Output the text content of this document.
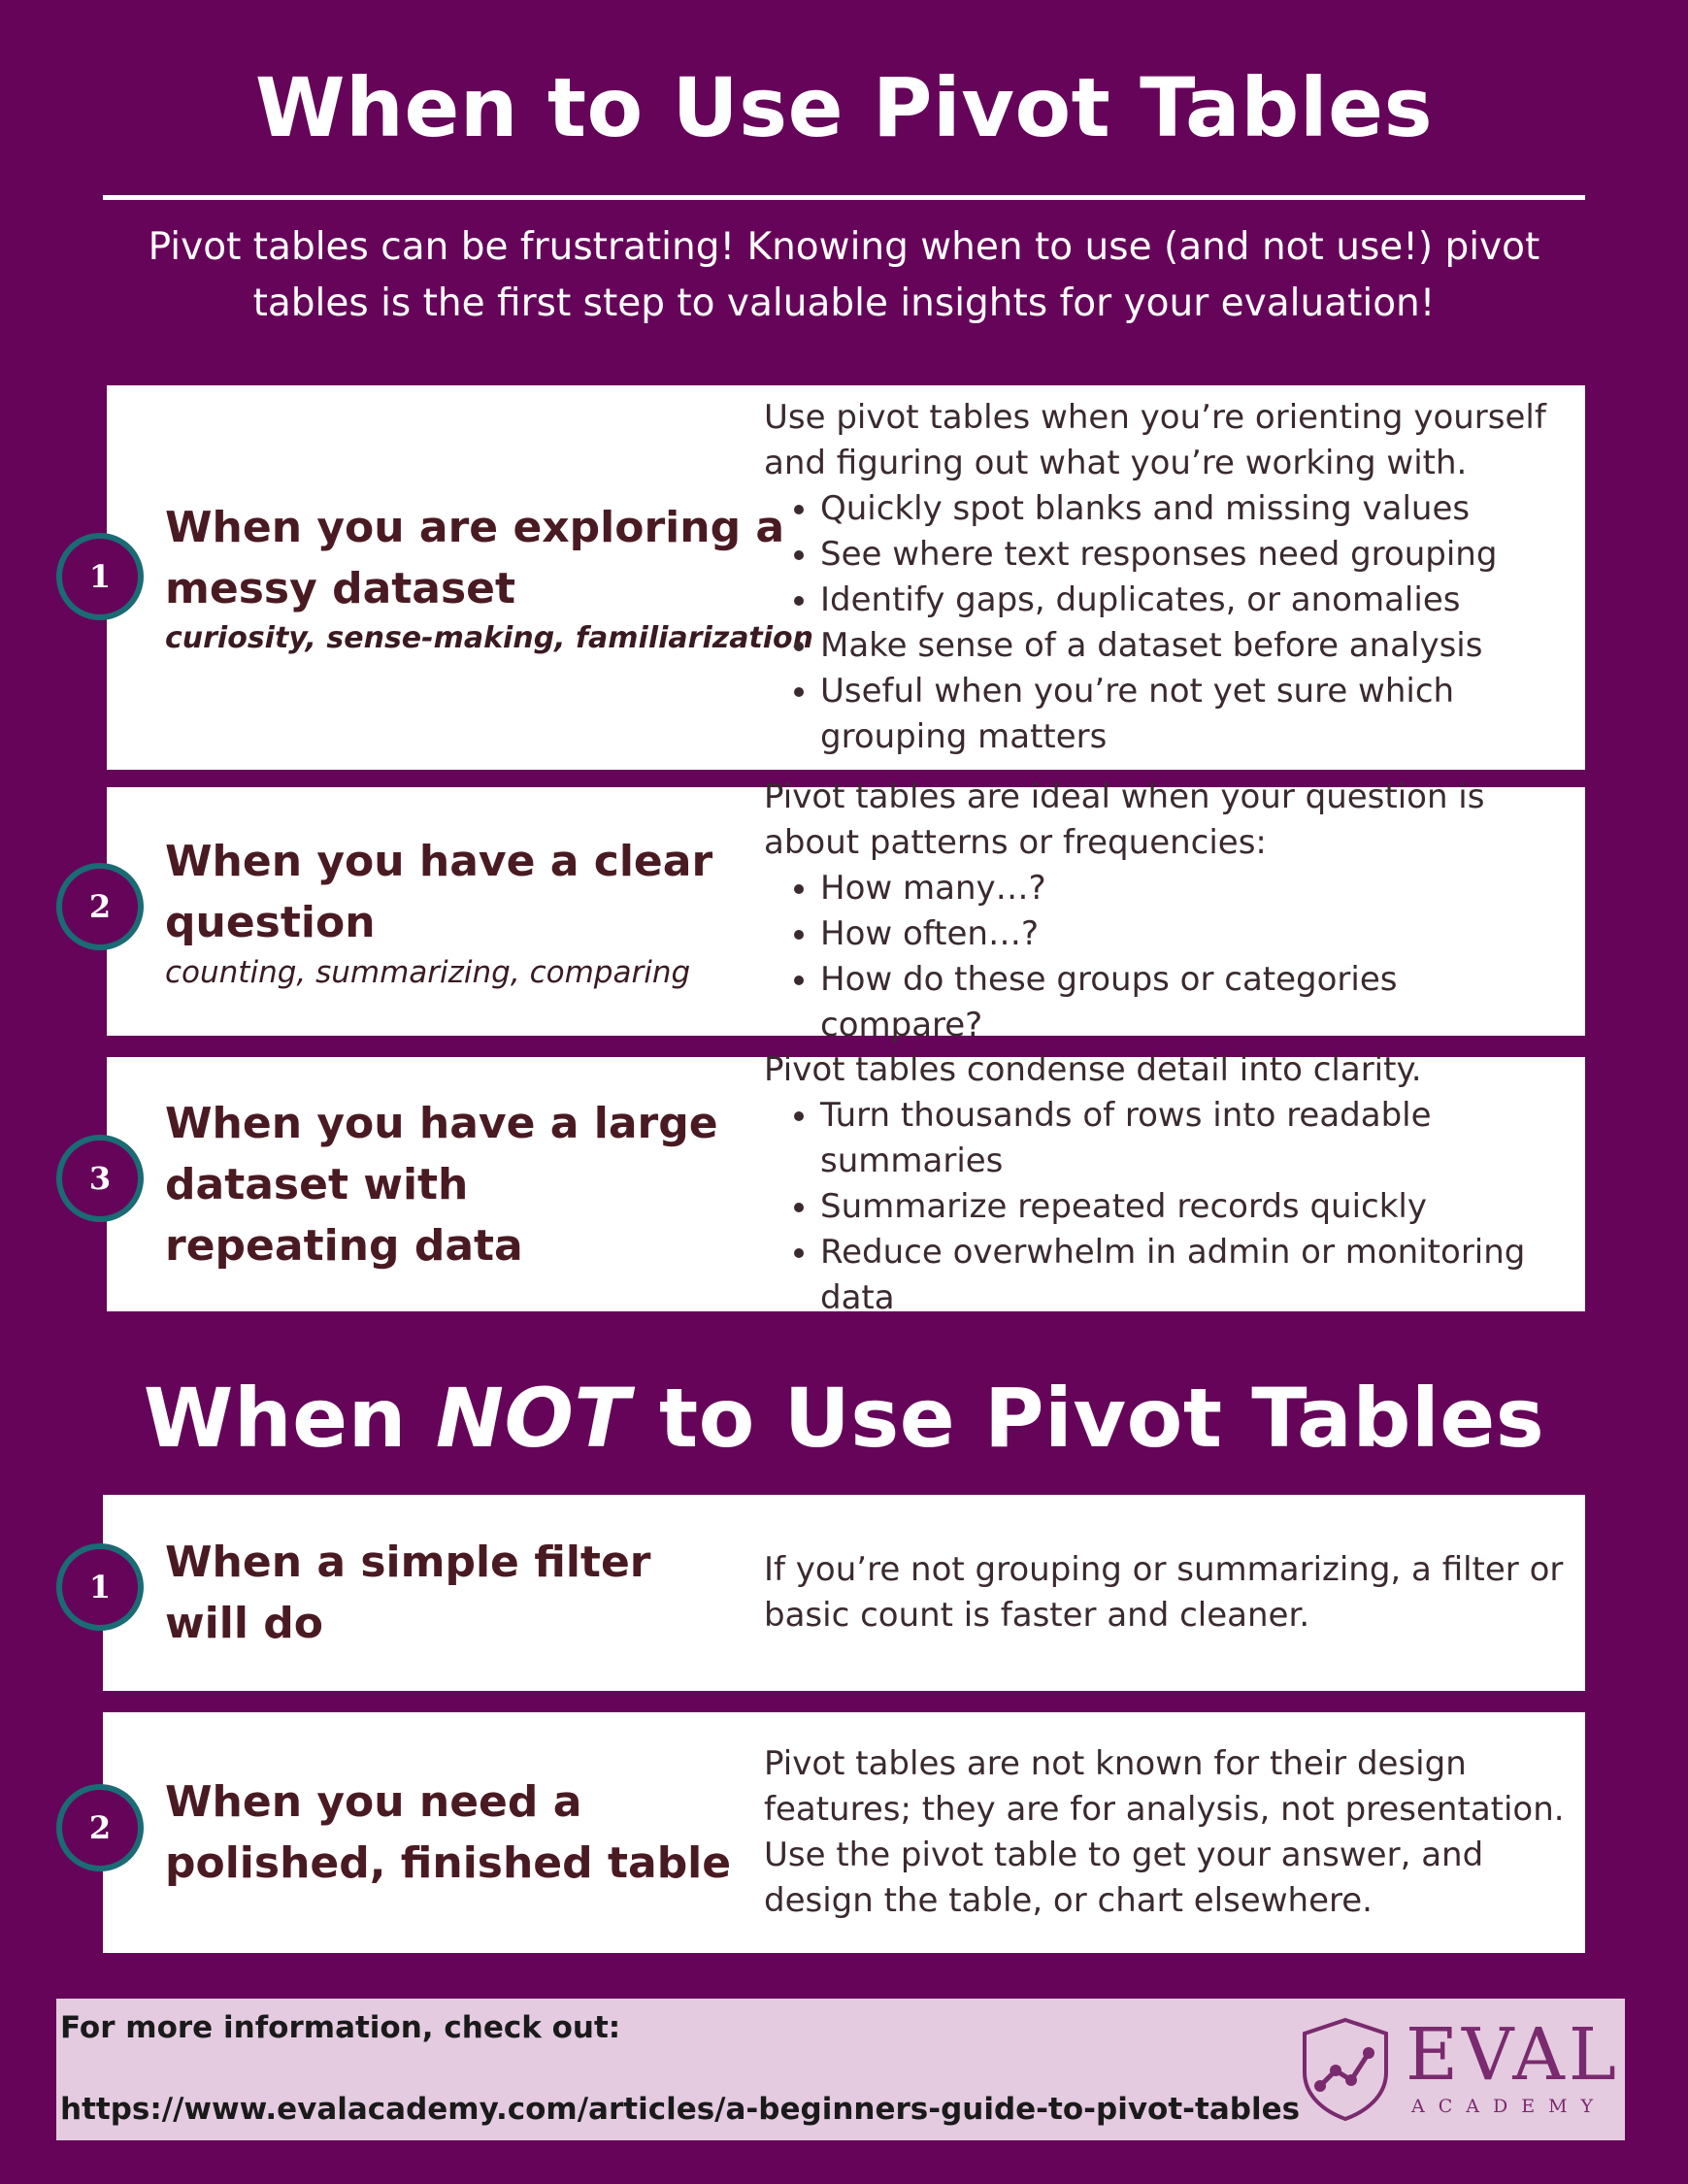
When to Use Pivot Tables
Pivot tables can be frustrating! Knowing when to use (and not use!) pivot
tables is the first step to valuable insights for your evaluation!
When you are exploring a
messy dataset
curiosity, sense-making, familiarization

Use pivot tables when you’re orienting yourself and figuring out what you’re working with.

• Quickly spot blanks and missing values
• See where text responses need grouping
• Identify gaps, duplicates, or anomalies
• Make sense of a dataset before analysis
• Useful when you’re not yet sure which grouping matters
1
When you have a clear
question
counting, summarizing, comparing

Pivot tables are ideal when your question is about patterns or frequencies:

• How many…?
• How often…?
• How do these groups or categories compare?
2
When you have a large
dataset with
repeating data

Pivot tables condense detail into clarity.

• Turn thousands of rows into readable summaries
• Summarize repeated records quickly
• Reduce overwhelm in admin or monitoring data
3
When NOT to Use Pivot Tables
When a simple filter
will do

If you’re not grouping or summarizing, a filter or basic count is faster and cleaner.

1
When you need a
polished, finished table

Pivot tables are not known for their design features; they are for analysis, not presentation. Use the pivot table to get your answer, and design the table, or chart elsewhere.

2
For more information, check out:
https://www.evalacademy.com/articles/a-beginners-guide-to-pivot-tables
EVAL
ACADEMY
